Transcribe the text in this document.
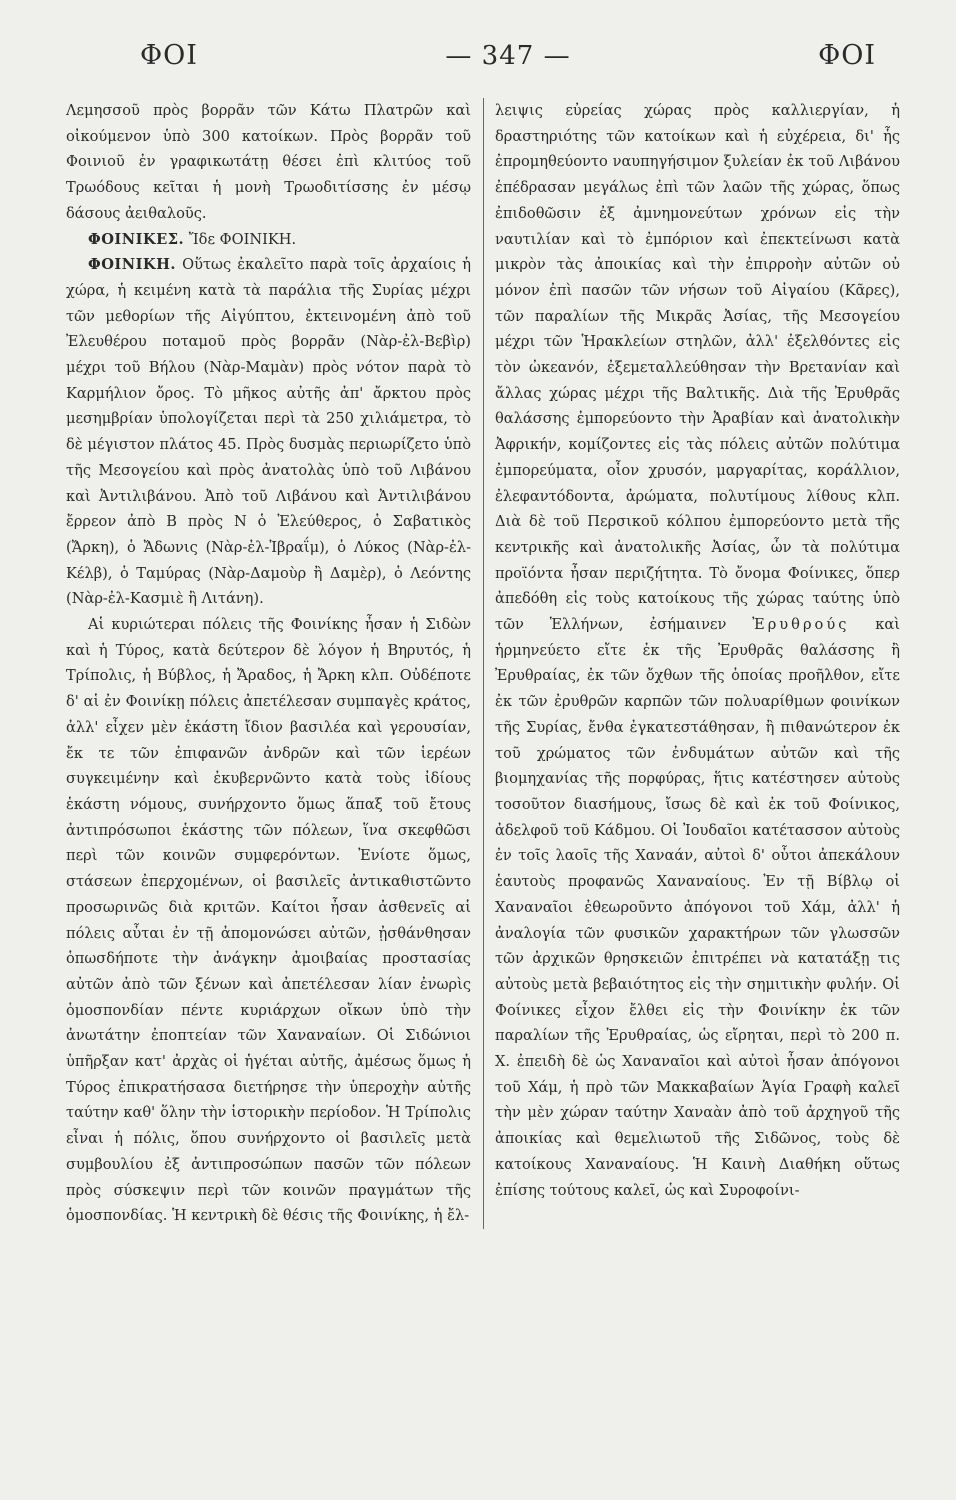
ΦΟΙ	— 347 —	ΦΟΙ

Λεμησσοῦ πρὸς βορρᾶν τῶν Κάτω Πλατρῶν καὶ οἰκούμενον ὑπὸ 300 κατοίκων. Πρὸς βορρᾶν τοῦ Φοινιοῦ ἐν γραφικωτάτῃ θέσει ἐπὶ κλιτύος τοῦ Τρωόδους κεῖται ἡ μονὴ Τρωοδιτίσσης ἐν μέσῳ δάσους ἀειθαλοῦς.

ΦΟΙΝΙΚΕΣ. Ἴδε ΦΟΙΝΙΚΗ.

ΦΟΙΝΙΚΗ. Οὕτως ἐκαλεῖτο παρὰ τοῖς ἀρχαίοις ἡ χώρα, ἡ κειμένη κατὰ τὰ παράλια τῆς Συρίας μέχρι τῶν μεθορίων τῆς Αἰγύπτου, ἐκτεινομένη ἀπὸ τοῦ Ἐλευθέρου ποταμοῦ πρὸς βορρᾶν (Νὰρ-ἐλ-Βεβὶρ) μέχρι τοῦ Βήλου (Νὰρ-Μαμὰν) πρὸς νότον παρὰ τὸ Καρμήλιον ὄρος. Τὸ μῆκος αὐτῆς ἀπ' ἄρκτου πρὸς μεσημβρίαν ὑπολογίζεται περὶ τὰ 250 χιλιάμετρα, τὸ δὲ μέγιστον πλάτος 45. Πρὸς δυσμὰς περιωρίζετο ὑπὸ τῆς Μεσογείου καὶ πρὸς ἀνατολὰς ὑπὸ τοῦ Λιβάνου καὶ Ἀντιλιβάνου. Ἀπὸ τοῦ Λιβάνου καὶ Ἀντιλιβάνου ἔρρεον ἀπὸ Β πρὸς Ν ὁ Ἐλεύθερος, ὁ Σαβατικὸς (Ἄρκη), ὁ Ἄδωνις (Νὰρ-ἐλ-Ἰβραΐμ), ὁ Λύκος (Νὰρ-ἐλ-Κέλβ), ὁ Ταμύρας (Νὰρ-Δαμοὺρ ἢ Δαμὲρ), ὁ Λεόντης (Νὰρ-ἐλ-Κασμιὲ ἢ Λιτάνη).

Αἱ κυριώτεραι πόλεις τῆς Φοινίκης ἦσαν ἡ Σιδὼν καὶ ἡ Τύρος, κατὰ δεύτερον δὲ λόγον ἡ Βηρυτός, ἡ Τρίπολις, ἡ Βύβλος, ἡ Ἄραδος, ἡ Ἄρκη κλπ. Οὐδέποτε δ' αἱ ἐν Φοινίκῃ πόλεις ἀπετέλεσαν συμπαγὲς κράτος, ἀλλ' εἶχεν μὲν ἑκάστη ἴδιον βασιλέα καὶ γερουσίαν, ἔκ τε τῶν ἐπιφανῶν ἀνδρῶν καὶ τῶν ἱερέων συγκειμένην καὶ ἐκυβερνῶντο κατὰ τοὺς ἰδίους ἑκάστη νόμους, συνήρχοντο ὅμως ἅπαξ τοῦ ἔτους ἀντιπρόσωποι ἑκάστης τῶν πόλεων, ἵνα σκεφθῶσι περὶ τῶν κοινῶν συμφερόντων. Ἐνίοτε ὅμως, στάσεων ἐπερχομένων, οἱ βασιλεῖς ἀντικαθιστῶντο προσωρινῶς διὰ κριτῶν. Καίτοι ἦσαν ἀσθενεῖς αἱ πόλεις αὗται ἐν τῇ ἀπομονώσει αὐτῶν, ᾐσθάνθησαν ὁπωσδήποτε τὴν ἀνάγκην ἀμοιβαίας προστασίας αὐτῶν ἀπὸ τῶν ξένων καὶ ἀπετέλεσαν λίαν ἐνωρὶς ὁμοσπονδίαν πέντε κυριάρχων οἴκων ὑπὸ τὴν ἀνωτάτην ἐποπτείαν τῶν Χαναναίων. Οἱ Σιδώνιοι ὑπῆρξαν κατ' ἀρχὰς οἱ ἡγέται αὐτῆς, ἀμέσως ὅμως ἡ Τύρος ἐπικρατήσασα διετήρησε τὴν ὑπεροχὴν αὐτῆς ταύτην καθ' ὅλην τὴν ἱστορικὴν περίοδον. Ἡ Τρίπολις εἶναι ἡ πόλις, ὅπου συνήρχοντο οἱ βασιλεῖς μετὰ συμβουλίου ἐξ ἀντιπροσώπων πασῶν τῶν πόλεων πρὸς σύσκεψιν περὶ τῶν κοινῶν πραγμάτων τῆς ὁμοσπονδίας. Ἡ κεντρικὴ δὲ θέσις τῆς Φοινίκης, ἡ ἔλ-

λειψις εὐρείας χώρας πρὸς καλλιεργίαν, ἡ δραστηριότης τῶν κατοίκων καὶ ἡ εὐχέρεια, δι' ἧς ἐπρομηθεύοντο ναυπηγήσιμον ξυλείαν ἐκ τοῦ Λιβάνου ἐπέδρασαν μεγάλως ἐπὶ τῶν λαῶν τῆς χώρας, ὅπως ἐπιδοθῶσιν ἐξ ἀμνημονεύτων χρόνων εἰς τὴν ναυτιλίαν καὶ τὸ ἐμπόριον καὶ ἐπεκτείνωσι κατὰ μικρὸν τὰς ἀποικίας καὶ τὴν ἐπιρροὴν αὐτῶν οὐ μόνον ἐπὶ πασῶν τῶν νήσων τοῦ Αἰγαίου (Κᾶρες), τῶν παραλίων τῆς Μικρᾶς Ἀσίας, τῆς Μεσογείου μέχρι τῶν Ἡρακλείων στηλῶν, ἀλλ' ἐξελθόντες εἰς τὸν ὠκεανόν, ἐξεμεταλλεύθησαν τὴν Βρετανίαν καὶ ἄλλας χώρας μέχρι τῆς Βαλτικῆς. Διὰ τῆς Ἐρυθρᾶς θαλάσσης ἐμπορεύοντο τὴν Ἀραβίαν καὶ ἀνατολικὴν Ἀφρικήν, κομίζοντες εἰς τὰς πόλεις αὐτῶν πολύτιμα ἐμπορεύματα, οἷον χρυσόν, μαργαρίτας, κοράλλιον, ἐλεφαντόδοντα, ἀρώματα, πολυτίμους λίθους κλπ. Διὰ δὲ τοῦ Περσικοῦ κόλπου ἐμπορεύοντο μετὰ τῆς κεντρικῆς καὶ ἀνατολικῆς Ἀσίας, ὧν τὰ πολύτιμα προϊόντα ἦσαν περιζήτητα. Τὸ ὄνομα Φοίνικες, ὅπερ ἀπεδόθη εἰς τοὺς κατοίκους τῆς χώρας ταύτης ὑπὸ τῶν Ἑλλήνων, ἐσήμαινεν Ἐρυθρούς καὶ ἡρμηνεύετο εἴτε ἐκ τῆς Ἐρυθρᾶς θαλάσσης ἢ Ἐρυθραίας, ἐκ τῶν ὄχθων τῆς ὁποίας προῆλθον, εἴτε ἐκ τῶν ἐρυθρῶν καρπῶν τῶν πολυαρίθμων φοινίκων τῆς Συρίας, ἔνθα ἐγκατεστάθησαν, ἢ πιθανώτερον ἐκ τοῦ χρώματος τῶν ἐνδυμάτων αὐτῶν καὶ τῆς βιομηχανίας τῆς πορφύρας, ἥτις κατέστησεν αὐτοὺς τοσοῦτον διασήμους, ἴσως δὲ καὶ ἐκ τοῦ Φοίνικος, ἀδελφοῦ τοῦ Κάδμου. Οἱ Ἰουδαῖοι κατέτασσον αὐτοὺς ἐν τοῖς λαοῖς τῆς Χαναάν, αὐτοὶ δ' οὗτοι ἀπεκάλουν ἑαυτοὺς προφανῶς Χαναναίους. Ἐν τῇ Βίβλῳ οἱ Χαναναῖοι ἐθεωροῦντο ἀπόγονοι τοῦ Χάμ, ἀλλ' ἡ ἀναλογία τῶν φυσικῶν χαρακτήρων τῶν γλωσσῶν τῶν ἀρχικῶν θρησκειῶν ἐπιτρέπει νὰ κατατάξῃ τις αὐτοὺς μετὰ βεβαιότητος εἰς τὴν σημιτικὴν φυλήν. Οἱ Φοίνικες εἶχον ἔλθει εἰς τὴν Φοινίκην ἐκ τῶν παραλίων τῆς Ἐρυθραίας, ὡς εἴρηται, περὶ τὸ 200 π. Χ. ἐπειδὴ δὲ ὡς Χαναναῖοι καὶ αὐτοὶ ἦσαν ἀπόγονοι τοῦ Χάμ, ἡ πρὸ τῶν Μακκαβαίων Ἁγία Γραφὴ καλεῖ τὴν μὲν χώραν ταύτην Χαναὰν ἀπὸ τοῦ ἀρχηγοῦ τῆς ἀποικίας καὶ θεμελιωτοῦ τῆς Σιδῶνος, τοὺς δὲ κατοίκους Χαναναίους. Ἡ Καινὴ Διαθήκη οὕτως ἐπίσης τούτους καλεῖ, ὡς καὶ Συροφοίνι-
